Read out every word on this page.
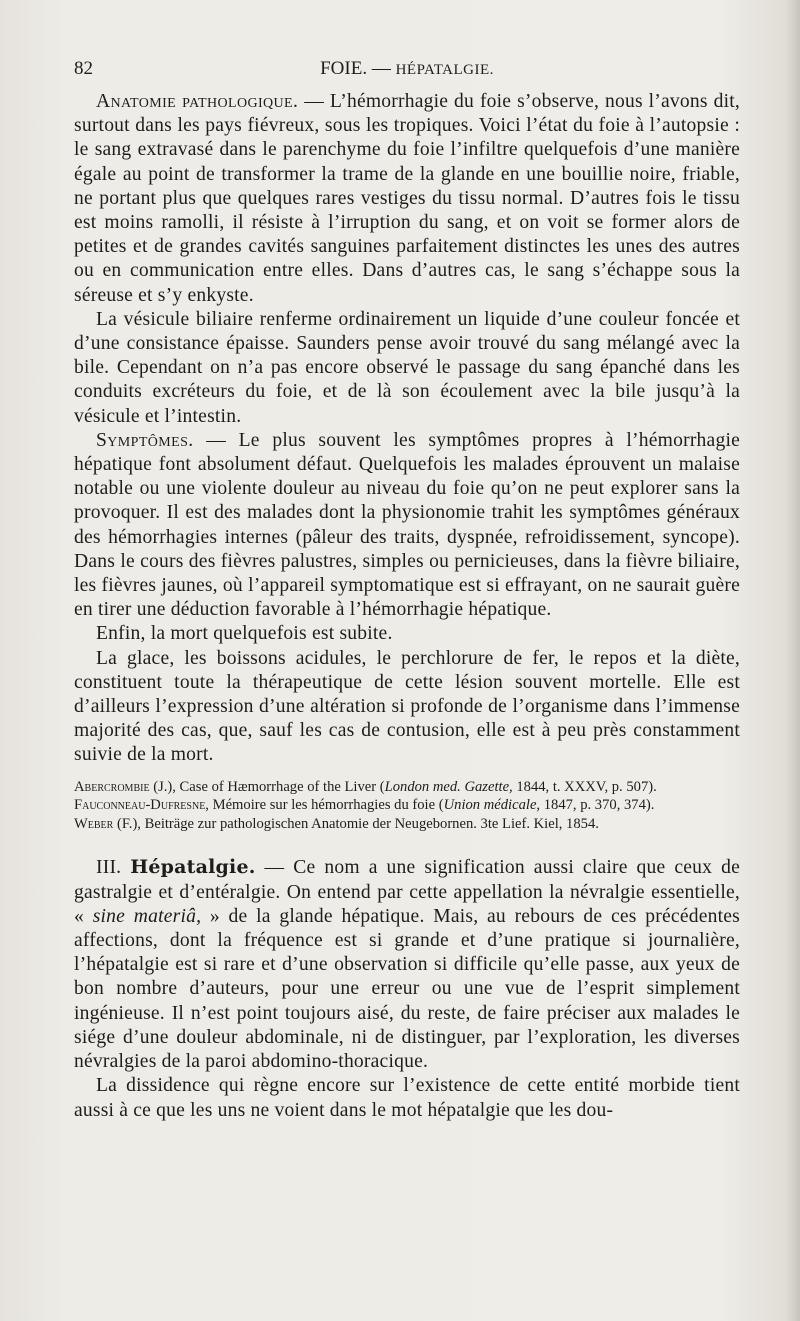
82	FOIE. — HÉPATALGIE.

Anatomie pathologique. — L’hémorrhagie du foie s’observe, nous l’avons dit, surtout dans les pays fiévreux, sous les tropiques. Voici l’état du foie à l’autopsie : le sang extravasé dans le parenchyme du foie l’infiltre quelquefois d’une manière égale au point de transformer la trame de la glande en une bouillie noire, friable, ne portant plus que quelques rares vestiges du tissu normal. D’autres fois le tissu est moins ramolli, il résiste à l’irruption du sang, et on voit se former alors de petites et de grandes cavités sanguines parfaitement distinctes les unes des autres ou en communication entre elles. Dans d’autres cas, le sang s’échappe sous la séreuse et s’y enkyste.

La vésicule biliaire renferme ordinairement un liquide d’une couleur foncée et d’une consistance épaisse. Saunders pense avoir trouvé du sang mélangé avec la bile. Cependant on n’a pas encore observé le passage du sang épanché dans les conduits excréteurs du foie, et de là son écoulement avec la bile jusqu’à la vésicule et l’intestin.

Symptômes. — Le plus souvent les symptômes propres à l’hémorrhagie hépatique font absolument défaut. Quelquefois les malades éprouvent un malaise notable ou une violente douleur au niveau du foie qu’on ne peut explorer sans la provoquer. Il est des malades dont la physionomie trahit les symptômes généraux des hémorrhagies internes (pâleur des traits, dyspnée, refroidissement, syncope). Dans le cours des fièvres palustres, simples ou pernicieuses, dans la fièvre biliaire, les fièvres jaunes, où l’appareil symptomatique est si effrayant, on ne saurait guère en tirer une déduction favorable à l’hémorrhagie hépatique.

Enfin, la mort quelquefois est subite.

La glace, les boissons acidules, le perchlorure de fer, le repos et la diète, constituent toute la thérapeutique de cette lésion souvent mortelle. Elle est d’ailleurs l’expression d’une altération si profonde de l’organisme dans l’immense majorité des cas, que, sauf les cas de contusion, elle est à peu près constamment suivie de la mort.

Abercrombie (J.), Case of Hæmorrhage of the Liver (London med. Gazette, 1844, t. XXXV, p. 507).

Fauconneau-Dufresne, Mémoire sur les hémorrhagies du foie (Union médicale, 1847, p. 370, 374).

Weber (F.), Beiträge zur pathologischen Anatomie der Neugebornen. 3te Lief. Kiel, 1854.

III. Hépatalgie. — Ce nom a une signification aussi claire que ceux de gastralgie et d’entéralgie. On entend par cette appellation la névralgie essentielle, « sine materiâ, » de la glande hépatique. Mais, au rebours de ces précédentes affections, dont la fréquence est si grande et d’une pratique si journalière, l’hépatalgie est si rare et d’une observation si difficile qu’elle passe, aux yeux de bon nombre d’auteurs, pour une erreur ou une vue de l’esprit simplement ingénieuse. Il n’est point toujours aisé, du reste, de faire préciser aux malades le siége d’une douleur abdominale, ni de distinguer, par l’exploration, les diverses névralgies de la paroi abdomino-thoracique.

La dissidence qui règne encore sur l’existence de cette entité morbide tient aussi à ce que les uns ne voient dans le mot hépatalgie que les dou-
